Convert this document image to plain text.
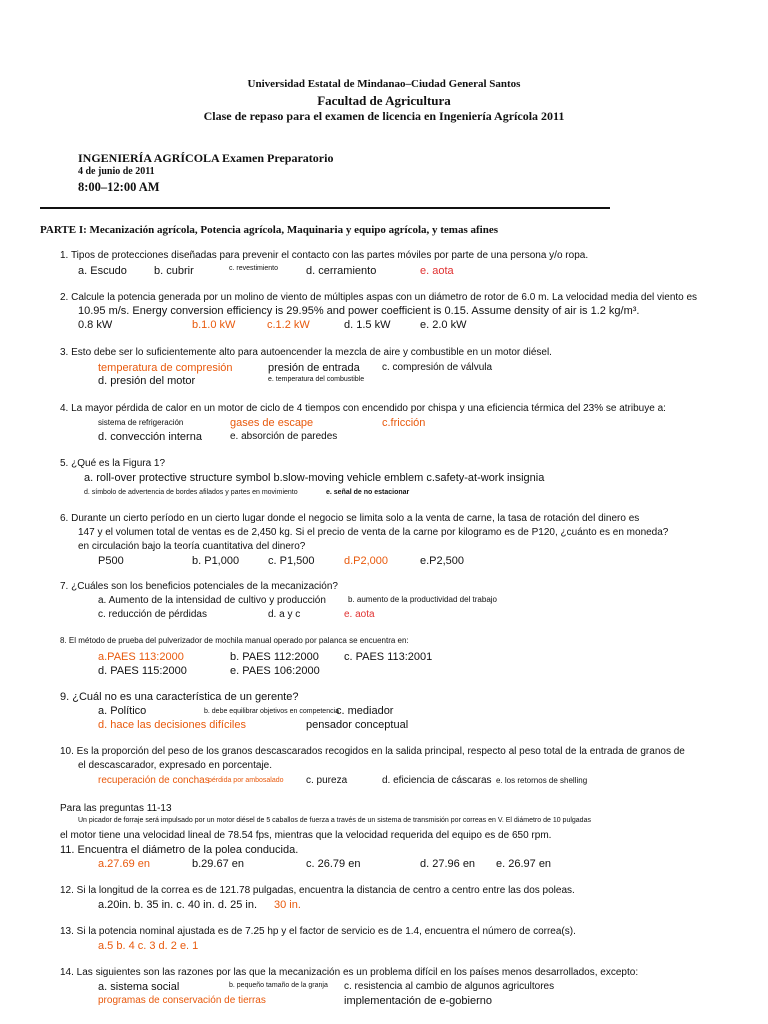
Universidad Estatal de Mindanao–Ciudad General Santos
Facultad de Agricultura
Clase de repaso para el examen de licencia en Ingeniería Agrícola 2011
INGENIERÍA AGRÍCOLA Examen Preparatorio
4 de junio de 2011
8:00–12:00 AM
PARTE I: Mecanización agrícola, Potencia agrícola, Maquinaria y equipo agrícola, y temas afines
1. Tipos de protecciones diseñadas para prevenir el contacto con las partes móviles por parte de una persona y/o ropa.
a. Escudo b. cubrir	c. revestimiento	d. cerramiento	e. aota
2. Calcule la potencia generada por un molino de viento de múltiples aspas con un diámetro de rotor de 6.0 m. La velocidad media del viento es
10.95 m/s. Energy conversion efficiency is 29.95% and power coefficient is 0.15. Assume density of air is 1.2 kg/m³.
0.8 kW	b.1.0 kW	c.1.2 kW	d. 1.5 kW	e. 2.0 kW
3. Esto debe ser lo suficientemente alto para autoencender la mezcla de aire y combustible en un motor diésel.
temperatura de compresión	presión de entrada c. compresión de válvula
d. presión del motor	e. temperatura del combustible
4. La mayor pérdida de calor en un motor de ciclo de 4 tiempos con encendido por chispa y una eficiencia térmica del 23% se atribuye a:
sistema de refrigeración	gases de escape	c.fricción
d. convección interna	e. absorción de paredes
5. ¿Qué es la Figura 1?
a. roll-over protective structure symbol b.slow-moving vehicle emblem c.safety-at-work insignia
d. símbolo de advertencia de bordes afilados y partes en movimiento	e. señal de no estacionar
6. Durante un cierto período en un cierto lugar donde el negocio se limita solo a la venta de carne, la tasa de rotación del dinero es
147 y el volumen total de ventas es de 2,450 kg. Si el precio de venta de la carne por kilogramo es de P120, ¿cuánto es en moneda?
en circulación bajo la teoría cuantitativa del dinero?
P500	b. P1,000	c. P1,500	d.P2,000	e.P2,500
7. ¿Cuáles son los beneficios potenciales de la mecanización?
a. Aumento de la intensidad de cultivo y producción	b. aumento de la productividad del trabajo
c. reducción de pérdidas	d. a y c	e. aota
8. El método de prueba del pulverizador de mochila manual operado por palanca se encuentra en:
a.PAES 113:2000	b. PAES 112:2000 c. PAES 113:2001
d. PAES 115:2000	e. PAES 106:2000
9. ¿Cuál no es una característica de un gerente?
a. Político	b. debe equilibrar objetivos en competencia
c. mediador
d. hace las decisiones difíciles	pensador conceptual
10. Es la proporción del peso de los granos descascarados recogidos en la salida principal, respecto al peso total de la entrada de granos de
el descascarador, expresado en porcentaje.
recuperación de conchas
pérdida por ambosalado c. pureza	d. eficiencia de cáscaras e. los retornos de shelling
Para las preguntas 11-13
Un picador de forraje será impulsado por un motor diésel de 5 caballos de fuerza a través de un sistema de transmisión por correas en V. El diámetro de 10 pulgadas
el motor tiene una velocidad lineal de 78.54 fps, mientras que la velocidad requerida del equipo es de 650 rpm.
11. Encuentra el diámetro de la polea conducida.
a.27.69 en	b.29.67 en	c. 26.79 en	d. 27.96 en e. 26.97 en
12. Si la longitud de la correa es de 121.78 pulgadas, encuentra la distancia de centro a centro entre las dos poleas.
a.20in. b. 35 in. c. 40 in. d. 25 in. 30 in.
13. Si la potencia nominal ajustada es de 7.25 hp y el factor de servicio es de 1.4, encuentra el número de correa(s).
a.5 b. 4 c. 3 d. 2 e. 1
14. Las siguientes son las razones por las que la mecanización es un problema difícil en los países menos desarrollados, excepto:
a. sistema social	b. pequeño tamaño de la granja c. resistencia al cambio de algunos agricultores
programas de conservación de tierras	implementación de e-gobierno
